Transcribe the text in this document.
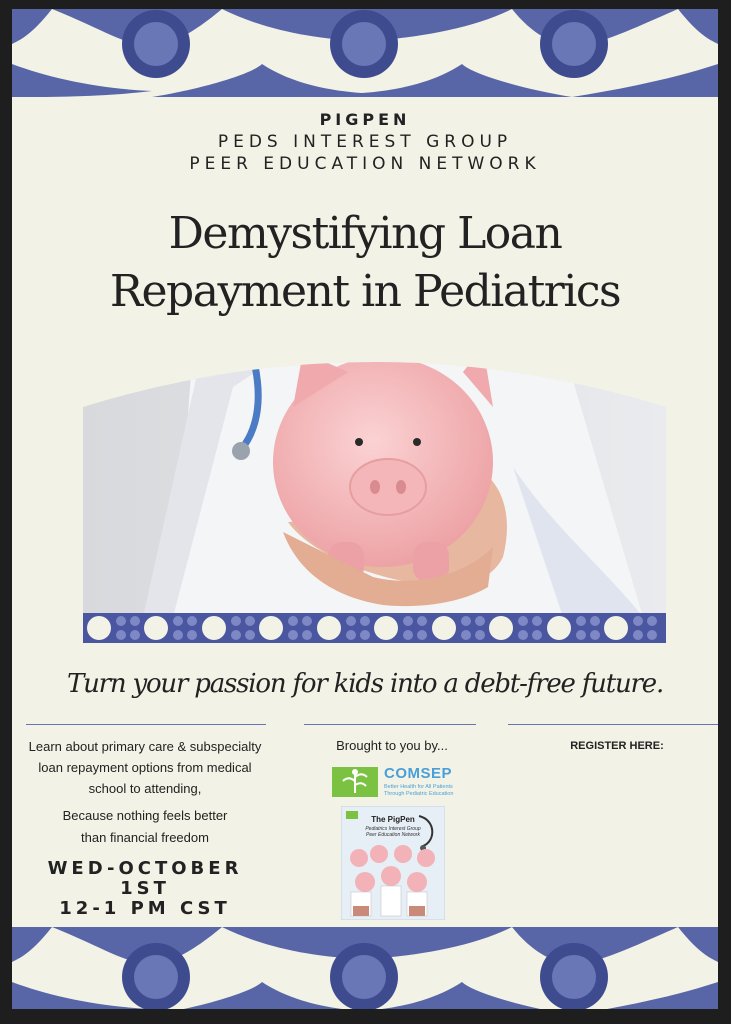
PIGPEN
PEDS INTEREST GROUP
PEER EDUCATION NETWORK
Demystifying Loan
Repayment in Pediatrics
Turn your passion for kids into a debt-free future.
Learn about primary care & subspecialty
loan repayment options from medical
school to attending,
Because nothing feels better
than financial freedom
WED-OCTOBER
1ST
12-1 PM CST
Brought to you by...
COMSEP
Better Health for All Patients
Through Pediatric Education
The PigPen
Pediatrics Interest Group
Peer Education Network
REGISTER HERE:
